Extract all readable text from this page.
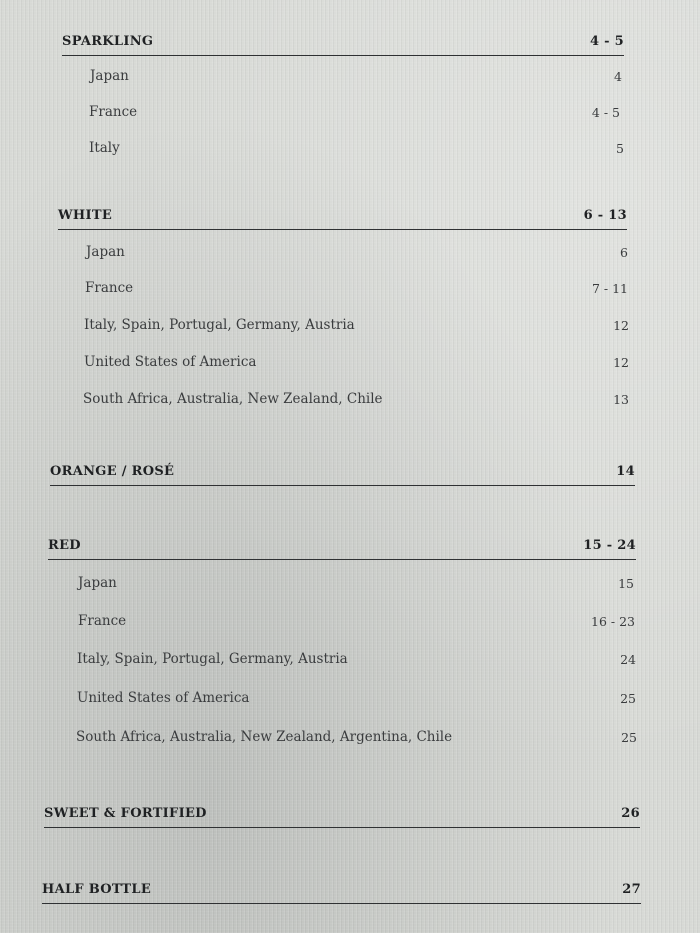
SPARKLING	4 - 5
Japan	4
France	4 - 5
Italy	5
WHITE	6 - 13
Japan	6
France	7 - 11
Italy, Spain, Portugal, Germany, Austria	12
United States of America	12
South Africa, Australia, New Zealand, Chile	13
ORANGE / ROSÉ	14
RED	15 - 24
Japan	15
France	16 - 23
Italy, Spain, Portugal, Germany, Austria	24
United States of America	25
South Africa, Australia, New Zealand, Argentina, Chile	25
SWEET & FORTIFIED	26
HALF BOTTLE	27
